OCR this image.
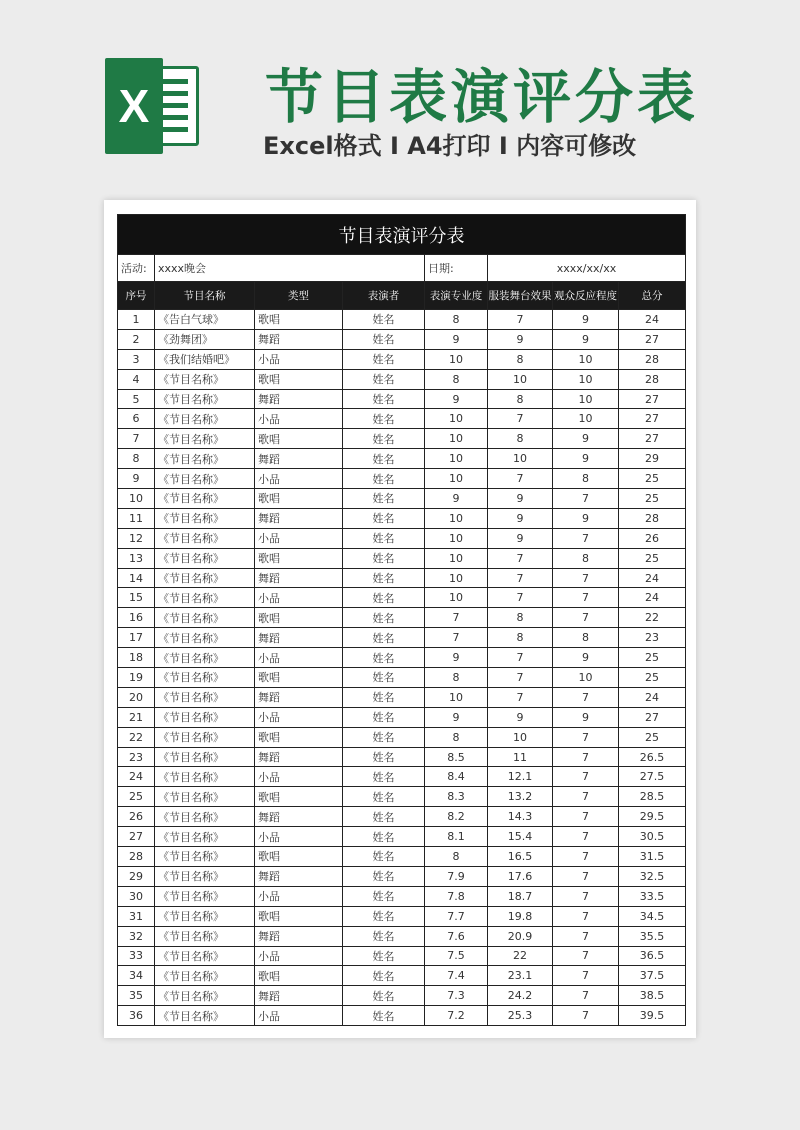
X 节目表演评分表
Excel格式 I A4打印 I 内容可修改
节目表演评分表							
活动:	xxxx晚会			日期:	xxxx/xx/xx		
序号	节目名称	类型	表演者	表演专业度	服装舞台效果	观众反应程度	总分
1	《告白气球》	歌唱	姓名	8	7	9	24
2	《劲舞团》	舞蹈	姓名	9	9	9	27
3	《我们结婚吧》	小品	姓名	10	8	10	28
4	《节目名称》	歌唱	姓名	8	10	10	28
5	《节目名称》	舞蹈	姓名	9	8	10	27
6	《节目名称》	小品	姓名	10	7	10	27
7	《节目名称》	歌唱	姓名	10	8	9	27
8	《节目名称》	舞蹈	姓名	10	10	9	29
9	《节目名称》	小品	姓名	10	7	8	25
10	《节目名称》	歌唱	姓名	9	9	7	25
11	《节目名称》	舞蹈	姓名	10	9	9	28
12	《节目名称》	小品	姓名	10	9	7	26
13	《节目名称》	歌唱	姓名	10	7	8	25
14	《节目名称》	舞蹈	姓名	10	7	7	24
15	《节目名称》	小品	姓名	10	7	7	24
16	《节目名称》	歌唱	姓名	7	8	7	22
17	《节目名称》	舞蹈	姓名	7	8	8	23
18	《节目名称》	小品	姓名	9	7	9	25
19	《节目名称》	歌唱	姓名	8	7	10	25
20	《节目名称》	舞蹈	姓名	10	7	7	24
21	《节目名称》	小品	姓名	9	9	9	27
22	《节目名称》	歌唱	姓名	8	10	7	25
23	《节目名称》	舞蹈	姓名	8.5	11	7	26.5
24	《节目名称》	小品	姓名	8.4	12.1	7	27.5
25	《节目名称》	歌唱	姓名	8.3	13.2	7	28.5
26	《节目名称》	舞蹈	姓名	8.2	14.3	7	29.5
27	《节目名称》	小品	姓名	8.1	15.4	7	30.5
28	《节目名称》	歌唱	姓名	8	16.5	7	31.5
29	《节目名称》	舞蹈	姓名	7.9	17.6	7	32.5
30	《节目名称》	小品	姓名	7.8	18.7	7	33.5
31	《节目名称》	歌唱	姓名	7.7	19.8	7	34.5
32	《节目名称》	舞蹈	姓名	7.6	20.9	7	35.5
33	《节目名称》	小品	姓名	7.5	22	7	36.5
34	《节目名称》	歌唱	姓名	7.4	23.1	7	37.5
35	《节目名称》	舞蹈	姓名	7.3	24.2	7	38.5
36	《节目名称》	小品	姓名	7.2	25.3	7	39.5
